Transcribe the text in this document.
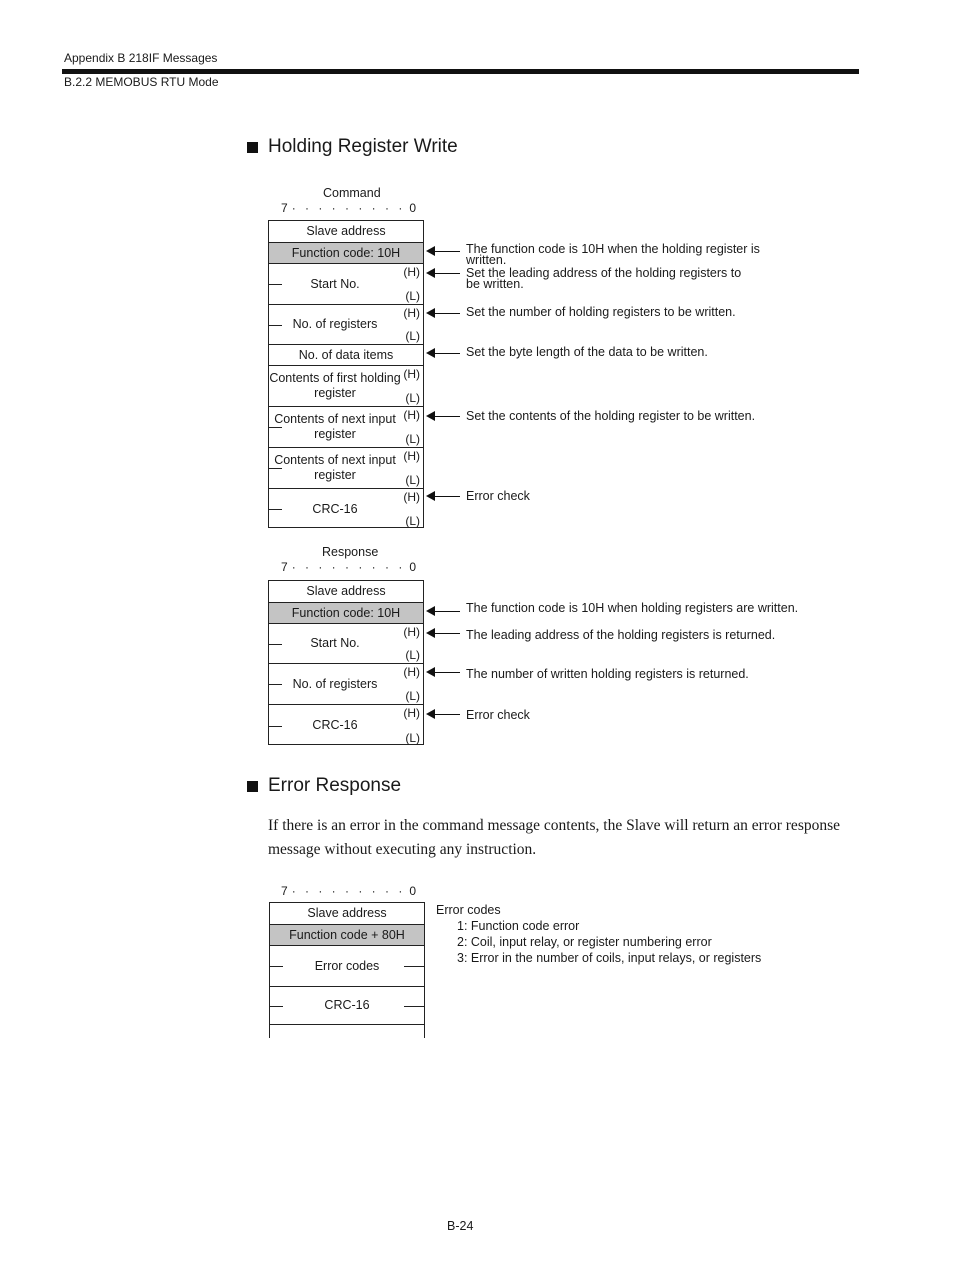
Appendix B 218IF Messages
B.2.2 MEMOBUS RTU Mode
Holding Register Write
Command
7 · · · · · · · · · 0
Slave address
Function code: 10H
Start No.
(H)
(L)
No. of registers
(H)
(L)
No. of data items
Contents of first holding register
(H)
(L)
Contents of next input register
(H)
(L)
Contents of next input register
(H)
(L)
CRC-16
(H)
(L)
The function code is 10H when the holding register is written.
Set the leading address of the holding registers to be written.
Set the number of holding registers to be written.
Set the byte length of the data to be written.
Set the contents of the holding register to be written.
Error check
Response
7 · · · · · · · · · 0
Slave address
Function code: 10H
Start No.
(H)
(L)
No. of registers
(H)
(L)
CRC-16
(H)
(L)
The function code is 10H when holding registers are written.
The leading address of the holding registers is returned.
The number of written holding registers is returned.
Error check
Error Response
If there is an error in the command message contents, the Slave will return an error response message without executing any instruction.
7 · · · · · · · · · 0
Slave address
Function code + 80H
Error codes
CRC-16
Error codes
1: Function code error
2: Coil, input relay, or register numbering error
3: Error in the number of coils, input relays, or registers
B-24
